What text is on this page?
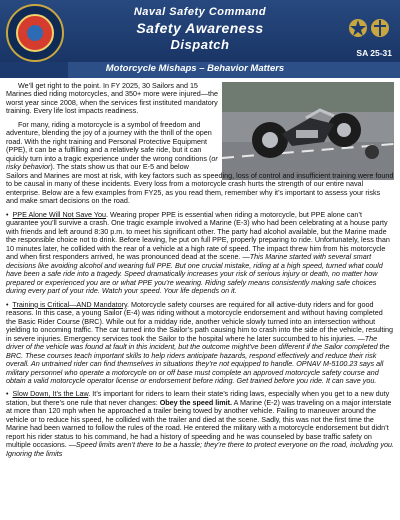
Naval Safety Command
Safety Awareness
Dispatch
SA 25-31
Motorcycle Mishaps – Behavior Matters

We’ll get right to the point. In FY 2025, 30 Sailors and 15 Marines died riding motorcycles, and 350+ more were injured—the worst year since 2008, when the services first instituted mandatory training. Every life lost impacts readiness.

For many, riding a motorcycle is a symbol of freedom and adventure, blending the joy of a journey with the thrill of the open road. With the right training and Personal Protective Equipment (PPE), it can be a fulfilling and a relatively safe ride, but it can quickly turn into a tragic experience under the wrong conditions (or risky behavior). The stats show us that our E-5 and below

Sailors and Marines are most at risk, with key factors such as speeding, loss of control and insufficient training were found to be causal in many of these incidents. Every loss from a motorcycle crash hurts the strength of our entire naval enterprise. Below are a few examples from FY25, as you read them, remember why it’s important to assess your risks and make smart decisions on the road.

•  PPE Alone Will Not Save You. Wearing proper PPE is essential when riding a motorcycle, but PPE alone can’t guarantee you’ll survive a crash. One tragic example involved a Marine (E-3) who had been celebrating at a house party with friends and left around 8:30 p.m. to meet his significant other. The party had alcohol available, but the Marine made the responsible choice not to drink. Before leaving, he put on full PPE, properly preparing to ride. Unfortunately, less than 10 minutes later, he collided with the rear of a vehicle at a high rate of speed. The impact threw him from his motorcycle and when first responders arrived, he was pronounced dead at the scene. —This Marine started with several smart decisions like avoiding alcohol and wearing full PPE. But one crucial mistake, riding at a high speed, turned what could have been a safe ride into a tragedy. Speed dramatically increases your risk of serious injury or death, no matter how prepared or experienced you are or what PPE you’re wearing. Riding safely means consistently making safe choices during every part of your ride. Watch your speed. Your life depends on it.

•  Training is Critical—AND Mandatory. Motorcycle safety courses are required for all active-duty riders and for good reasons. In this case, a young Sailor (E-4) was riding without a motorcycle endorsement and without having completed the Basic Rider Course (BRC). While out for a midday ride, another vehicle slowly turned into an intersection without yielding to oncoming traffic. The car turned into the Sailor’s path causing him to crash into the side of the vehicle, resulting in severe injuries. Emergency services took the Sailor to the hospital where he later succumbed to his injuries. —The driver of the vehicle was found at fault in this incident, but the outcome might’ve been different if the Sailor completed the BRC. These courses teach important skills to help riders anticipate hazards, respond effectively and reduce their risk overall. An untrained rider can find themselves in situations they’re not equipped to handle. OPNAV M-5100.23 says all military personnel who operate a motorcycle on or off base must complete an approved motorcycle safety course and obtain a valid motorcycle operator license or endorsement before riding. Get trained before you ride. It can save you.

•  Slow Down, It’s the Law. It’s important for riders to learn their state’s riding laws, especially when you get to a new duty station, but there’s one rule that never changes: Obey the speed limit. A Marine (E-2) was traveling on a major interstate at more than 120 mph when he approached a trailer being towed by another vehicle. Failing to maneuver around the vehicle or to reduce his speed, he collided with the trailer and died at the scene. Sadly, this was not the first time the Marine had been warned to follow the rules of the road. He entered the military with a motorcycle endorsement but didn’t report his rider status to his command, he had a history of speeding and he was counseled by base traffic safety on multiple occasions. —Speed limits aren’t there to be a hassle; they’re there to protect everyone on the road, including you. Ignoring the limits
